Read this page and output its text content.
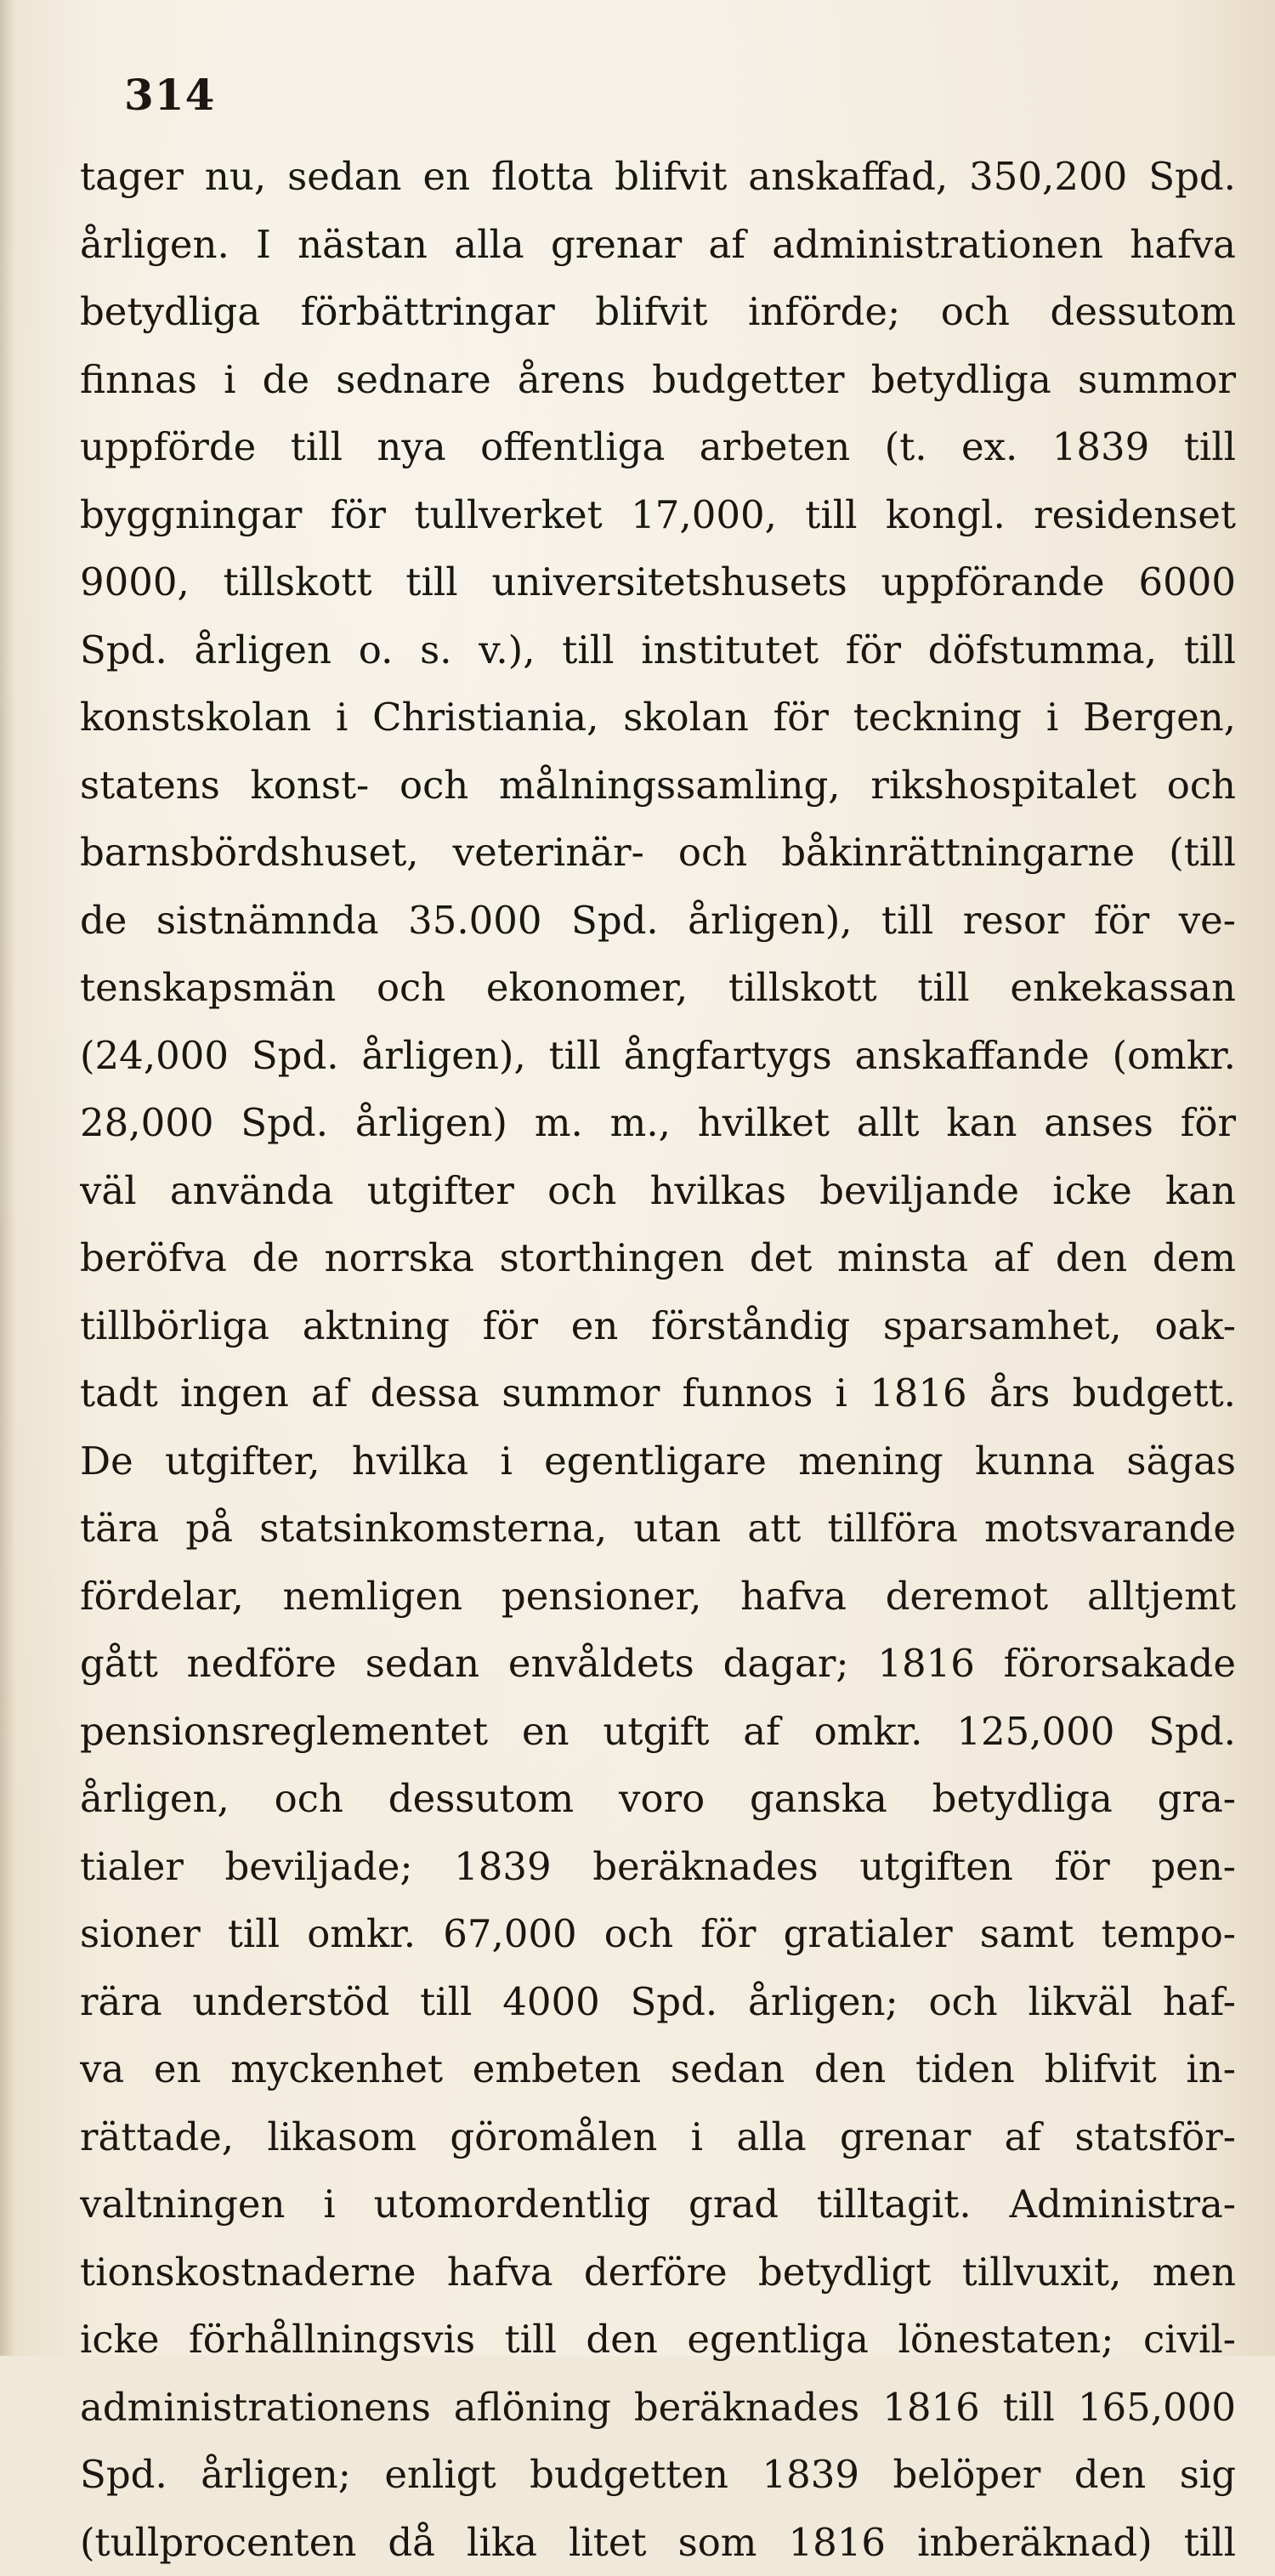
314
tager nu, sedan en flotta blifvit anskaffad, 350,200 Spd.
årligen. I nästan alla grenar af administrationen hafva
betydliga förbättringar blifvit införde; och dessutom
finnas i de sednare årens budgetter betydliga summor
uppförde till nya offentliga arbeten (t. ex. 1839 till
byggningar för tullverket 17,000, till kongl. residenset
9000, tillskott till universitetshusets uppförande 6000
Spd. årligen o. s. v.), till institutet för döfstumma, till
konstskolan i Christiania, skolan för teckning i Bergen,
statens konst- och målningssamling, rikshospitalet och
barnsbördshuset, veterinär- och båkinrättningarne (till
de sistnämnda 35.000 Spd. årligen), till resor för ve-
tenskapsmän och ekonomer, tillskott till enkekassan
(24,000 Spd. årligen), till ångfartygs anskaffande (omkr.
28,000 Spd. årligen) m. m., hvilket allt kan anses för
väl använda utgifter och hvilkas beviljande icke kan
beröfva de norrska storthingen det minsta af den dem
tillbörliga aktning för en förståndig sparsamhet, oak-
tadt ingen af dessa summor funnos i 1816 års budgett.
De utgifter, hvilka i egentligare mening kunna sägas
tära på statsinkomsterna, utan att tillföra motsvarande
fördelar, nemligen pensioner, hafva deremot alltjemt
gått nedföre sedan envåldets dagar; 1816 förorsakade
pensionsreglementet en utgift af omkr. 125,000 Spd.
årligen, och dessutom voro ganska betydliga gra-
tialer beviljade; 1839 beräknades utgiften för pen-
sioner till omkr. 67,000 och för gratialer samt tempo-
rära understöd till 4000 Spd. årligen; och likväl haf-
va en myckenhet embeten sedan den tiden blifvit in-
rättade, likasom göromålen i alla grenar af statsför-
valtningen i utomordentlig grad tilltagit. Administra-
tionskostnaderne hafva derföre betydligt tillvuxit, men
icke förhållningsvis till den egentliga lönestaten; civil-
administrationens aflöning beräknades 1816 till 165,000
Spd. årligen; enligt budgetten 1839 belöper den sig
(tullprocenten då lika litet som 1816 inberäknad) till
